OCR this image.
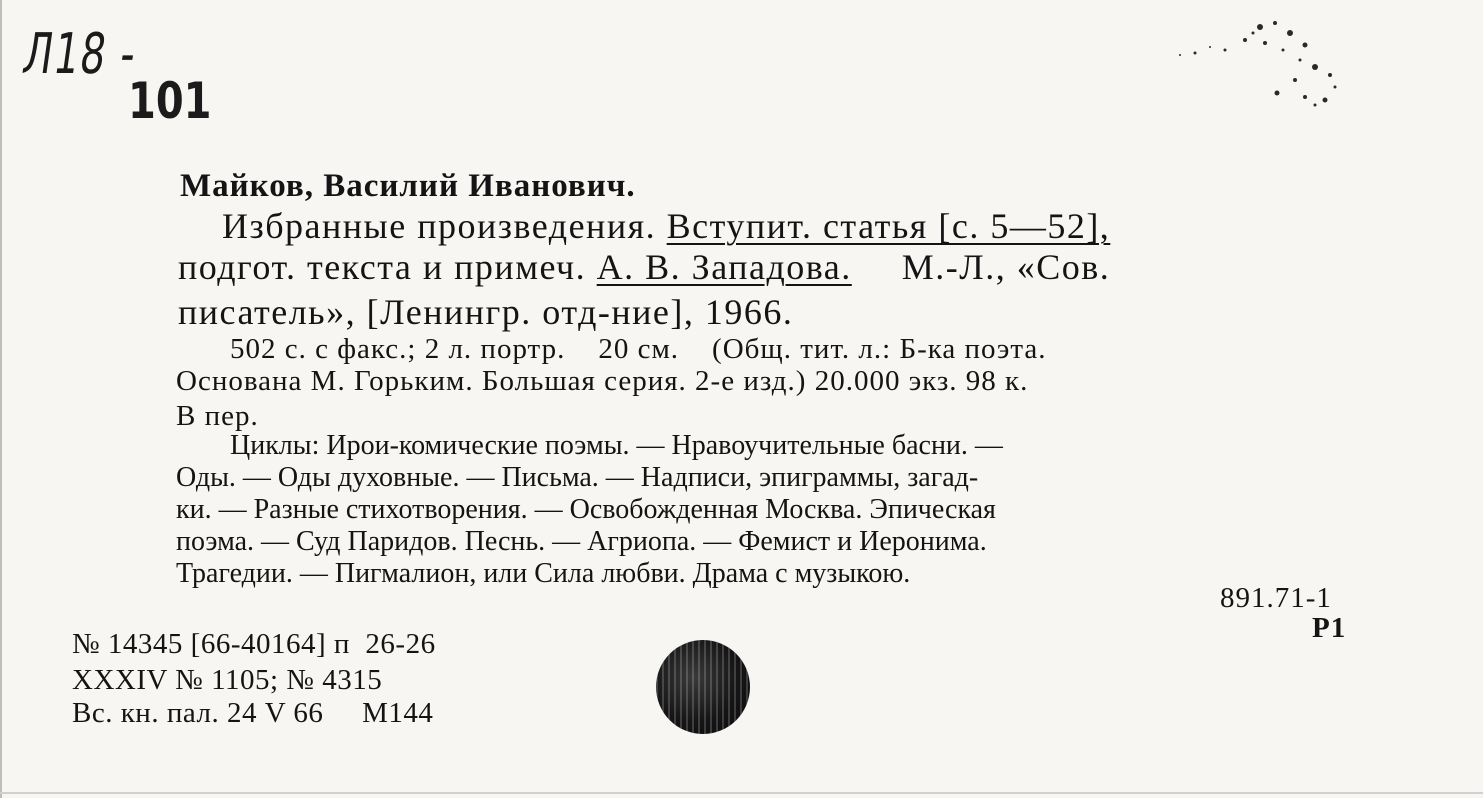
Л18 -
101
Майков, Василий Иванович.
Избранные произведения. Вступит. статья [с. 5—52],
подгот. текста и примеч. А. В. Западова. М.-Л., «Сов.
писатель», [Ленингр. отд-ние], 1966.
502 с. с факс.; 2 л. портр.    20 см.    (Общ. тит. л.: Б-ка поэта.
Основана М. Горьким. Большая серия. 2-е изд.) 20.000 экз. 98 к.
В пер.
Циклы: Ирои-комические поэмы. — Нравоучительные басни. —
Оды. — Оды духовные. — Письма. — Надписи, эпиграммы, загад-
ки. — Разные стихотворения. — Освобожденная Москва. Эпическая
поэма. — Суд Паридов. Песнь. — Агриопа. — Фемист и Иеронима.
Трагедии. — Пигмалион, или Сила любви. Драма с музыкою.
891.71-1
Р1
№ 14345 [66-40164] п  26-26
XXXIV № 1105; № 4315
Вс. кн. пал. 24 V 66     М144
